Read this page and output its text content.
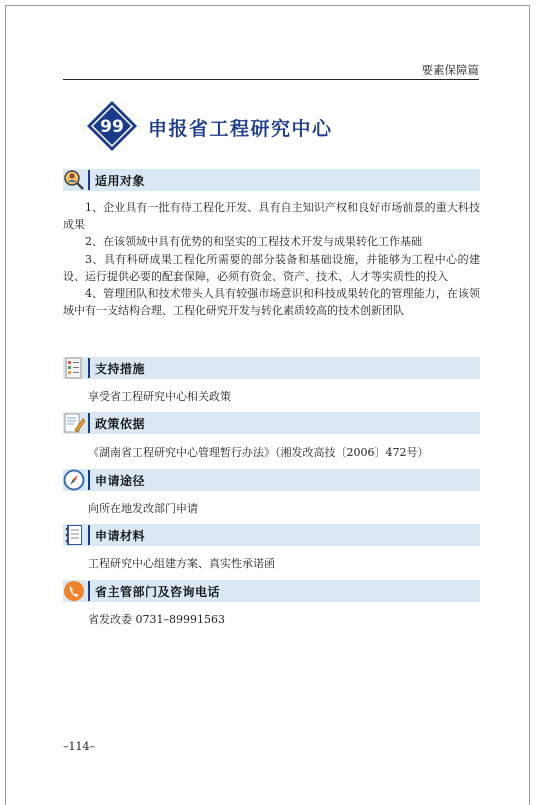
要素保障篇
99 申报省工程研究中心
适用对象

1、企业具有一批有待工程化开发、具有自主知识产权和良好市场前景的重大科技成果

2、在该领域中具有优势的和坚实的工程技术开发与成果转化工作基础

3、具有科研成果工程化所需要的部分装备和基础设施，并能够为工程中心的建设、运行提供必要的配套保障，必须有资金、资产、技术、人才等实质性的投入

4、管理团队和技术带头人具有较强市场意识和科技成果转化的管理能力，在该领域中有一支结构合理、工程化研究开发与转化素质较高的技术创新团队

支持措施
享受省工程研究中心相关政策
政策依据
《湖南省工程研究中心管理暂行办法》（湘发改高技〔2006〕472号）
申请途径
向所在地发改部门申请
申请材料
工程研究中心组建方案、真实性承诺函
省主管部门及咨询电话
省发改委 0731–89991563
–114–
